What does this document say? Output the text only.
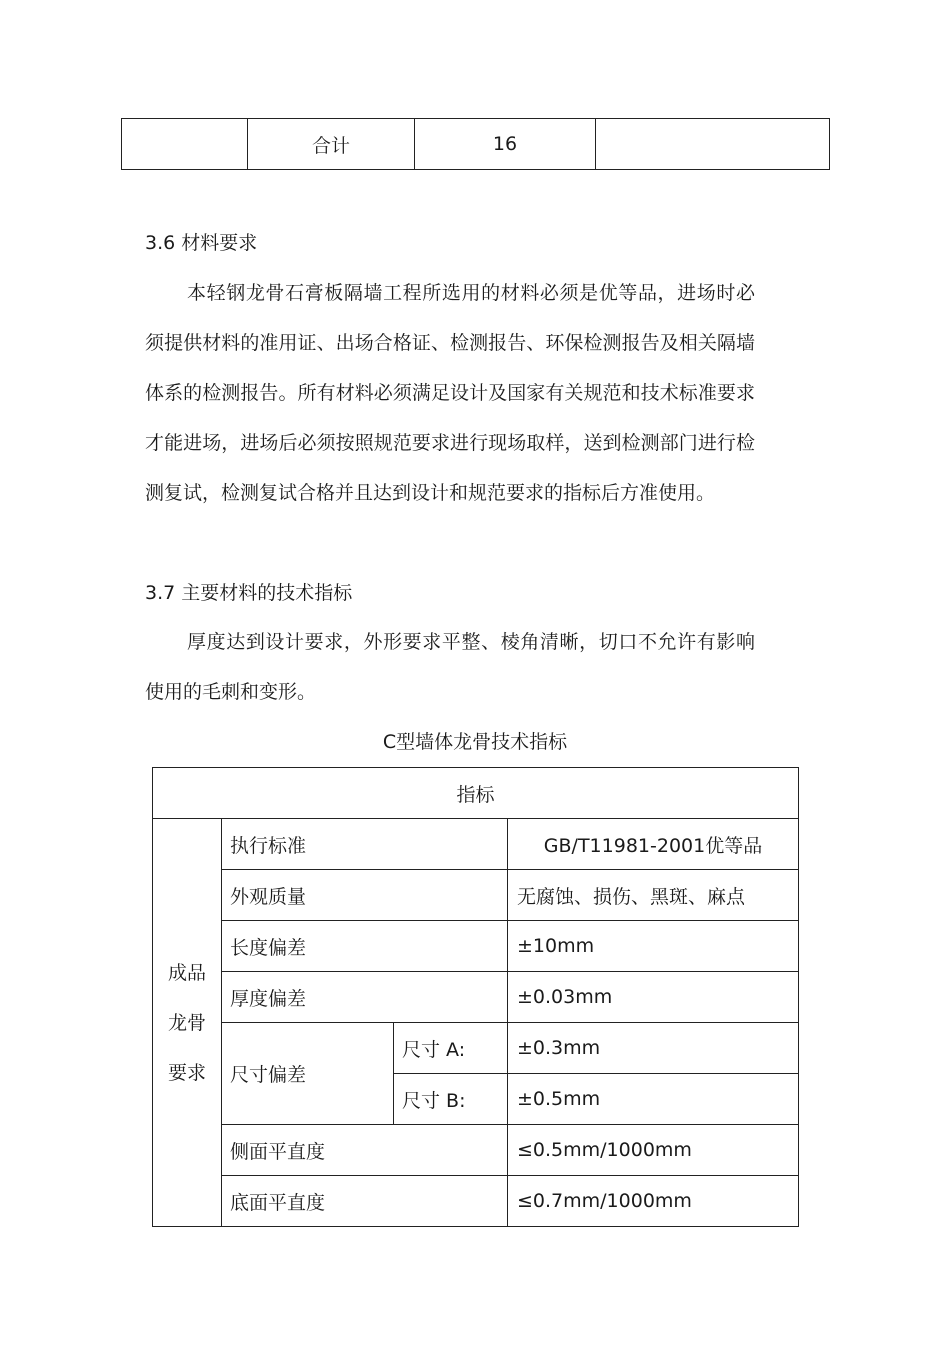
	合计	16	
3.6 材料要求

本轻钢龙骨石膏板隔墙工程所选用的材料必须是优等品，进场时必须提供材料的准用证、出场合格证、检测报告、环保检测报告及相关隔墙体系的检测报告。所有材料必须满足设计及国家有关规范和技术标准要求才能进场，进场后必须按照规范要求进行现场取样，送到检测部门进行检测复试，检测复试合格并且达到设计和规范要求的指标后方准使用。

3.7 主要材料的技术指标

厚度达到设计要求，外形要求平整、棱角清晰，切口不允许有影响使用的毛刺和变形。

C型墙体龙骨技术指标
指标			

成品
龙骨
要求	执行标准		GB/T11981-2001优等品
	外观质量		无腐蚀、损伤、黑斑、麻点
	长度偏差		±10mm
	厚度偏差		±0.03mm
	尺寸偏差	尺寸 A:	±0.3mm
		尺寸 B:	±0.5mm
	侧面平直度		≤0.5mm/1000mm
	底面平直度		≤0.7mm/1000mm
